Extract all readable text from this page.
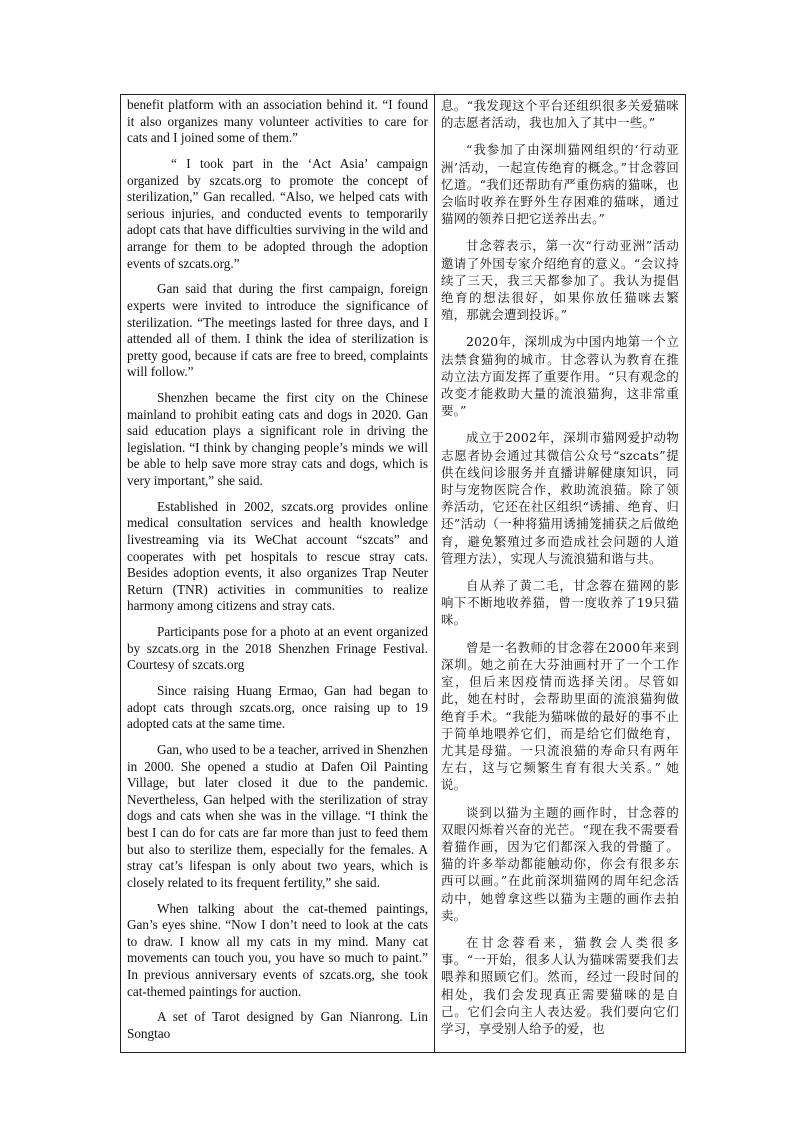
benefit platform with an association behind it. “I found it also organizes many volunteer activities to care for cats and I joined some of them.”

“ I took part in the ‘Act Asia’ campaign organized by szcats.org to promote the concept of sterilization,” Gan recalled. “Also, we helped cats with serious injuries, and conducted events to temporarily adopt cats that have difficulties surviving in the wild and arrange for them to be adopted through the adoption events of szcats.org.”

Gan said that during the first campaign, foreign experts were invited to introduce the significance of sterilization. “The meetings lasted for three days, and I attended all of them. I think the idea of sterilization is pretty good, because if cats are free to breed, complaints will follow.”

Shenzhen became the first city on the Chinese mainland to prohibit eating cats and dogs in 2020. Gan said education plays a significant role in driving the legislation. “I think by changing people’s minds we will be able to help save more stray cats and dogs, which is very important,” she said.

Established in 2002, szcats.org provides online medical consultation services and health knowledge livestreaming via its WeChat account “szcats” and cooperates with pet hospitals to rescue stray cats. Besides adoption events, it also organizes Trap Neuter Return (TNR) activities in communities to realize harmony among citizens and stray cats.

Participants pose for a photo at an event organized by szcats.org in the 2018 Shenzhen Frinage Festival. Courtesy of szcats.org

Since raising Huang Ermao, Gan had began to adopt cats through szcats.org, once raising up to 19 adopted cats at the same time.

Gan, who used to be a teacher, arrived in Shenzhen in 2000. She opened a studio at Dafen Oil Painting Village, but later closed it due to the pandemic. Nevertheless, Gan helped with the sterilization of stray dogs and cats when she was in the village. “I think the best I can do for cats are far more than just to feed them but also to sterilize them, especially for the females. A stray cat’s lifespan is only about two years, which is closely related to its frequent fertility,” she said.

When talking about the cat-themed paintings, Gan’s eyes shine. “Now I don’t need to look at the cats to draw. I know all my cats in my mind. Many cat movements can touch you, you have so much to paint.” In previous anniversary events of szcats.org, she took cat-themed paintings for auction.

A set of Tarot designed by Gan Nianrong. Lin Songtao

息。“我发现这个平台还组织很多关爱猫咪的志愿者活动，我也加入了其中一些。”

“我参加了由深圳猫网组织的‘行动亚洲’活动，一起宣传绝育的概念。”甘念蓉回忆道。“我们还帮助有严重伤病的猫咪，也会临时收养在野外生存困难的猫咪，通过猫网的领养日把它送养出去。”

甘念蓉表示，第一次“行动亚洲”活动邀请了外国专家介绍绝育的意义。“会议持续了三天，我三天都参加了。我认为提倡绝育的想法很好，如果你放任猫咪去繁殖，那就会遭到投诉。”

2020年，深圳成为中国内地第一个立法禁食猫狗的城市。甘念蓉认为教育在推动立法方面发挥了重要作用。“只有观念的改变才能救助大量的流浪猫狗，这非常重要。”

成立于2002年，深圳市猫网爱护动物志愿者协会通过其微信公众号“szcats”提供在线问诊服务并直播讲解健康知识，同时与宠物医院合作，救助流浪猫。除了领养活动，它还在社区组织“诱捕、绝育、归还”活动（一种将猫用诱捕笼捕获之后做绝育，避免繁殖过多而造成社会问题的人道管理方法），实现人与流浪猫和谐与共。

自从养了黄二毛，甘念蓉在猫网的影响下不断地收养猫，曾一度收养了19只猫咪。

曾是一名教师的甘念蓉在2000年来到深圳。她之前在大芬油画村开了一个工作室，但后来因疫情而选择关闭。尽管如此，她在村时，会帮助里面的流浪猫狗做绝育手术。“我能为猫咪做的最好的事不止于简单地喂养它们，而是给它们做绝育，尤其是母猫。一只流浪猫的寿命只有两年左右，这与它频繁生育有很大关系。” 她说。

谈到以猫为主题的画作时，甘念蓉的双眼闪烁着兴奋的光芒。“现在我不需要看着猫作画，因为它们都深入我的骨髓了。猫的许多举动都能触动你，你会有很多东西可以画。”在此前深圳猫网的周年纪念活动中，她曾拿这些以猫为主题的画作去拍卖。

在甘念蓉看来，猫教会人类很多事。“一开始，很多人认为猫咪需要我们去喂养和照顾它们。然而，经过一段时间的相处，我们会发现真正需要猫咪的是自己。它们会向主人表达爱。我们要向它们学习，享受别人给予的爱，也
